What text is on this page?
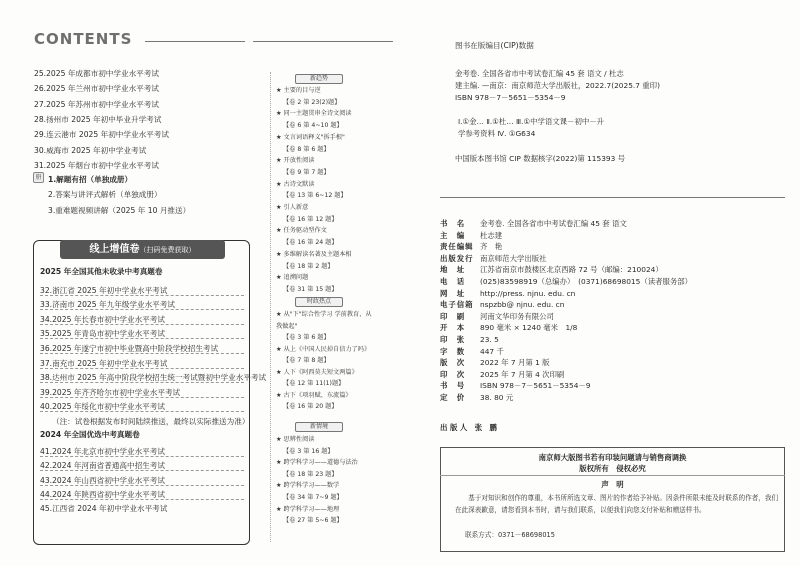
CONTENTS
册
线上增值卷（扫码免费获取）
图书在版编目(CIP)数据
出 版 人　张　鹏
南京师大版图书若有印装问题请与销售商调换
版权所有　侵权必究
声　明
　　基于对知识和创作的尊重，本书所所选文章、图片的作者给予补贴。因条件所限未能及时联系的作者，我们在此深表歉意，请您看到本书时，请与我们联系，以便我们向您支付补贴和赠送样书。
联系方式：0371－68698015
25.2025 年成都市初中学业水平考试
26.2025 年兰州市初中学业水平考试
27.2025 年苏州市初中学业水平考试
28.扬州市 2025 年初中毕业升学考试
29.连云港市 2025 年初中学业水平考试
30.威海市 2025 年初中学业考试
31.2025 年烟台市初中学业水平考试
1.解题有招（单独成册）
2.答案与讲评式解析（单独成册）
3.重难题视频讲解（2025 年 10 月推送）
2025 年全国其他未收录中考真题卷
32.浙江省 2025 年初中学业水平考试
33.济南市 2025 年九年级学业水平考试
34.2025 年长春市初中学业水平考试
35.2025 年青岛市初中学业水平考试
36.2025 年遂宁市初中毕业暨高中阶段学校招生考试
37.南充市 2025 年初中学业水平考试
38.达州市 2025 年高中阶段学校招生统一考试暨初中学业水平考试
39.2025 年齐齐哈尔市初中学业水平考试
40.2025 年绥化市初中学业水平考试
（注：试卷根据发布时间陆续推送，最终以实际推送为准）
2024 年全国优选中考真题卷
41.2024 年北京市初中学业水平考试
42.2024 年河南省普通高中招生考试
43.2024 年山西省初中学业水平考试
44.2024 年陕西省初中学业水平考试
45.江西省 2024 年初中学业水平考试
新趋势
★ 主要的目与逆
【卷 2 第 23(2)题】
★ 同一主题贯串全诗文阅读
【卷 6 第 4~10 题】
★ 文言词语释义"拆手根"
【卷 8 第 6 题】
★ 开放性阅读
【卷 9 第 7 题】
★ 古诗文默读
【卷 13 第 6~12 题】
★ 引人新意
【卷 16 第 12 题】
★ 任务驱动型作文
【卷 16 第 24 题】
★ 多维解读名著及主题本相
【卷 18 第 2 题】
★ 追溯问题
【卷 31 第 15 题】
时政热点
★ 从"下"综合性学习 学前教育，从
我做起"
【卷 3 第 6 题】
★ 从上《中国人民掉自信力了吗》
【卷 7 第 8 题】
★ 人下《阿西莫夫短文两篇》
【卷 12 第 11(1)题】
★ 古下《项羽赋、东流篇》
【卷 16 第 20 题】
新情境
★ 思辨性阅读
【卷 3 第 16 题】
★ 跨学科学习——道德与法治
【卷 18 第 23 题】
★ 跨学科学习——数学
【卷 34 第 7~9 题】
★ 跨学科学习——地理
【卷 27 第 5~6 题】
金考卷. 全国各省市中考试卷汇编 45 套 语文 / 杜志
建主编. —南京：南京师范大学出版社，2022.7(2025.7 重印)
ISBN 978－7－5651－5354－9
Ⅰ.①金… Ⅱ.①杜… Ⅲ.①中学语文课－初中－升
学参考资料 Ⅳ. ①G634
中国版本图书馆 CIP 数据核字(2022)第 115393 号
书　名 金考卷. 全国各省市中考试卷汇编 45 套 语文
主　编 杜志建
责任编辑 齐　艳
出版发行 南京师范大学出版社
地　址 江苏省南京市鼓楼区北京西路 72 号（邮编：210024）
电　话 (025)83598919（总编办）　(0371)68698015（读者服务部）
网　址 http://press. njnu. edu. cn
电子信箱 nspzbb@ njnu. edu. cn
印　刷 河南文华印务有限公司
开　本 890 毫米 × 1240 毫米　1/8
印　张 23. 5
字　数 447 千
版　次 2022 年 7 月第 1 版
印　次 2025 年 7 月第 4 次印刷
书　号 ISBN 978－7－5651－5354－9
定　价 38. 80 元
